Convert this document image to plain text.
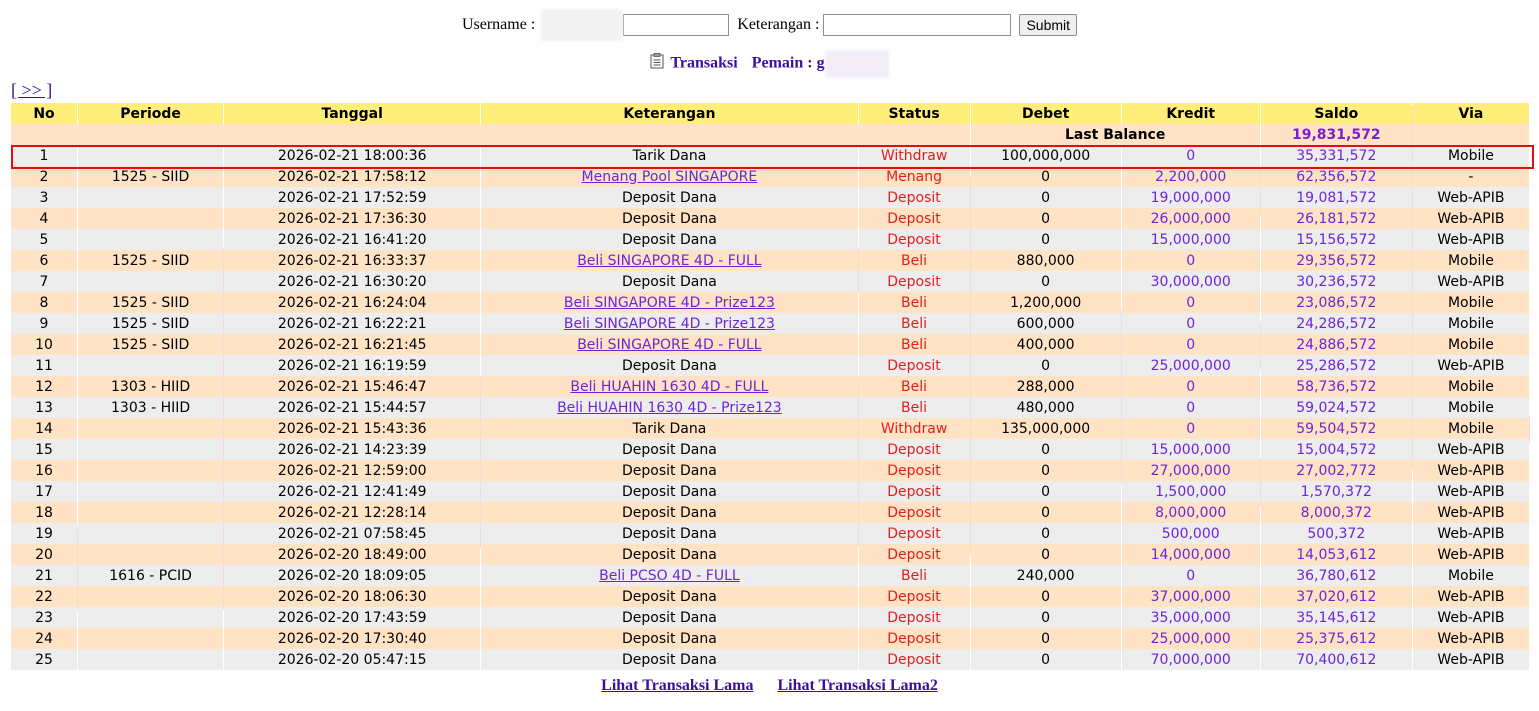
Username :	Keterangan :	Submit
Transaksi Pemain : g
[ >> ]
No	Periode	Tanggal	Keterangan	Status	Debet	Kredit	Saldo	Via
					Last Balance		19,831,572	
1		2026-02-21 18:00:36	Tarik Dana	Withdraw	100,000,000	0	35,331,572	Mobile
2	1525 - SIID	2026-02-21 17:58:12	Menang Pool SINGAPORE	Menang	0	2,200,000	62,356,572	-
3		2026-02-21 17:52:59	Deposit Dana	Deposit	0	19,000,000	19,081,572	Web-APIB
4		2026-02-21 17:36:30	Deposit Dana	Deposit	0	26,000,000	26,181,572	Web-APIB
5		2026-02-21 16:41:20	Deposit Dana	Deposit	0	15,000,000	15,156,572	Web-APIB
6	1525 - SIID	2026-02-21 16:33:37	Beli SINGAPORE 4D - FULL	Beli	880,000	0	29,356,572	Mobile
7		2026-02-21 16:30:20	Deposit Dana	Deposit	0	30,000,000	30,236,572	Web-APIB
8	1525 - SIID	2026-02-21 16:24:04	Beli SINGAPORE 4D - Prize123	Beli	1,200,000	0	23,086,572	Mobile
9	1525 - SIID	2026-02-21 16:22:21	Beli SINGAPORE 4D - Prize123	Beli	600,000	0	24,286,572	Mobile
10	1525 - SIID	2026-02-21 16:21:45	Beli SINGAPORE 4D - FULL	Beli	400,000	0	24,886,572	Mobile
11		2026-02-21 16:19:59	Deposit Dana	Deposit	0	25,000,000	25,286,572	Web-APIB
12	1303 - HIID	2026-02-21 15:46:47	Beli HUAHIN 1630 4D - FULL	Beli	288,000	0	58,736,572	Mobile
13	1303 - HIID	2026-02-21 15:44:57	Beli HUAHIN 1630 4D - Prize123	Beli	480,000	0	59,024,572	Mobile
14		2026-02-21 15:43:36	Tarik Dana	Withdraw	135,000,000	0	59,504,572	Mobile
15		2026-02-21 14:23:39	Deposit Dana	Deposit	0	15,000,000	15,004,572	Web-APIB
16		2026-02-21 12:59:00	Deposit Dana	Deposit	0	27,000,000	27,002,772	Web-APIB
17		2026-02-21 12:41:49	Deposit Dana	Deposit	0	1,500,000	1,570,372	Web-APIB
18		2026-02-21 12:28:14	Deposit Dana	Deposit	0	8,000,000	8,000,372	Web-APIB
19		2026-02-21 07:58:45	Deposit Dana	Deposit	0	500,000	500,372	Web-APIB
20		2026-02-20 18:49:00	Deposit Dana	Deposit	0	14,000,000	14,053,612	Web-APIB
21	1616 - PCID	2026-02-20 18:09:05	Beli PCSO 4D - FULL	Beli	240,000	0	36,780,612	Mobile
22		2026-02-20 18:06:30	Deposit Dana	Deposit	0	37,000,000	37,020,612	Web-APIB
23		2026-02-20 17:43:59	Deposit Dana	Deposit	0	35,000,000	35,145,612	Web-APIB
24		2026-02-20 17:30:40	Deposit Dana	Deposit	0	25,000,000	25,375,612	Web-APIB
25		2026-02-20 05:47:15	Deposit Dana	Deposit	0	70,000,000	70,400,612	Web-APIB
Lihat Transaksi Lama Lihat Transaksi Lama2
